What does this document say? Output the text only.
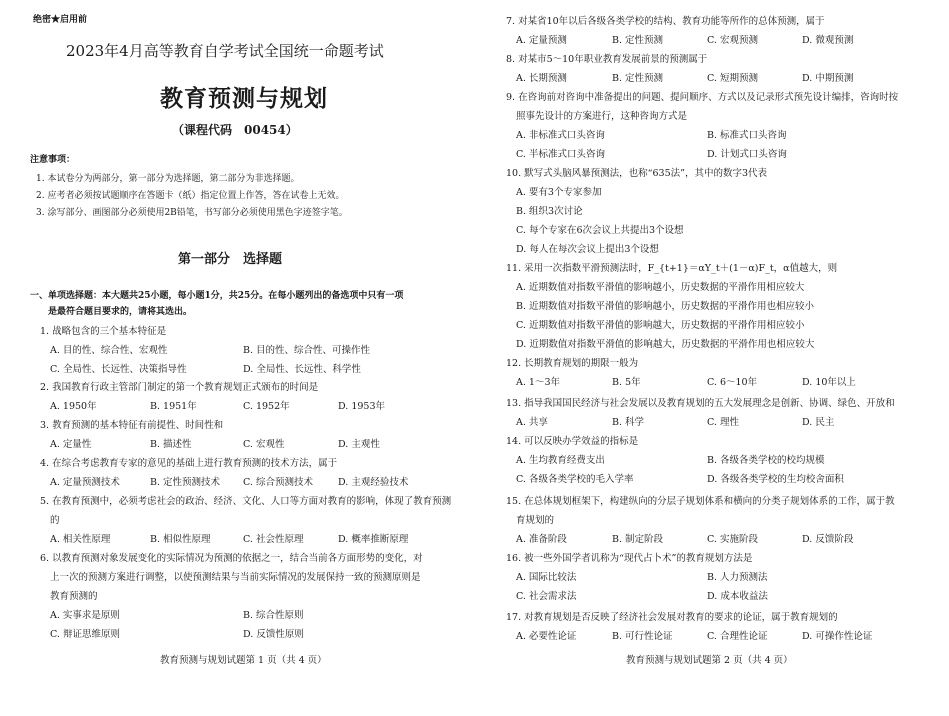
绝密★启用前
2023年4月高等教育自学考试全国统一命题考试
教育预测与规划
（课程代码　00454）
注意事项：
1. 本试卷分为两部分，第一部分为选择题，第二部分为非选择题。
2. 应考者必须按试题顺序在答题卡（纸）指定位置上作答，答在试卷上无效。
3. 涂写部分、画图部分必须使用2B铅笔，书写部分必须使用黑色字迹签字笔。
第一部分　选择题
一、单项选择题：本大题共25小题，每小题1分，共25分。在每小题列出的备选项中只有一项
是最符合题目要求的，请将其选出。
1. 战略包含的三个基本特征是
A. 目的性、综合性、宏观性	B. 目的性、综合性、可操作性
C. 全局性、长远性、决策指导性	D. 全局性、长远性、科学性
2. 我国教育行政主管部门制定的第一个教育规划正式颁布的时间是
A. 1950年	B. 1951年	C. 1952年	D. 1953年
3. 教育预测的基本特征有前提性、时间性和
A. 定量性	B. 描述性	C. 宏观性	D. 主观性
4. 在综合考虑教育专家的意见的基础上进行教育预测的技术方法，属于
A. 定量预测技术	B. 定性预测技术 C. 综合预测技术	D. 主观经验技术
5. 在教育预测中，必须考虑社会的政治、经济、文化、人口等方面对教育的影响，体现了教育预测
的
A. 相关性原理	B. 相似性原理	C. 社会性原理	D. 概率推断原理
6. 以教育预测对象发展变化的实际情况为预测的依据之一，结合当前各方面形势的变化，对
上一次的预测方案进行调整，以使预测结果与当前实际情况的发展保持一致的预测原则是
教育预测的
A. 实事求是原则	B. 综合性原则
C. 辩证思维原则	D. 反馈性原则
教育预测与规划试题第 1 页（共 4 页）
7. 对某省10年以后各级各类学校的结构、教育功能等所作的总体预测，属于
A. 定量预测	B. 定性预测	C. 宏观预测	D. 微观预测
8. 对某市5～10年职业教育发展前景的预测属于
A. 长期预测	B. 定性预测	C. 短期预测	D. 中期预测
9. 在咨询前对咨询中准备提出的问题、提问顺序、方式以及记录形式预先设计编排，咨询时按
照事先设计的方案进行，这种咨询方式是
A. 非标准式口头咨询	B. 标准式口头咨询
C. 半标准式口头咨询	D. 计划式口头咨询
10. 默写式头脑风暴预测法，也称“635法”，其中的数字3代表
A. 要有3个专家参加
B. 组织3次讨论
C. 每个专家在6次会议上共提出3个设想
D. 每人在每次会议上提出3个设想
11. 采用一次指数平滑预测法时，F_{t+1}＝αY_t＋(1－α)F_t，α值越大，则
A. 近期数值对指数平滑值的影响越小，历史数据的平滑作用相应较大
B. 近期数值对指数平滑值的影响越小，历史数据的平滑作用也相应较小
C. 近期数值对指数平滑值的影响越大，历史数据的平滑作用相应较小
D. 近期数值对指数平滑值的影响越大，历史数据的平滑作用也相应较大
12. 长期教育规划的期限一般为
A. 1～3年	B. 5年	C. 6～10年	D. 10年以上
13. 指导我国国民经济与社会发展以及教育规划的五大发展理念是创新、协调、绿色、开放和
A. 共享	B. 科学	C. 理性	D. 民主
14. 可以反映办学效益的指标是
A. 生均教育经费支出	B. 各级各类学校的校均规模
C. 各级各类学校的毛入学率	D. 各级各类学校的生均校舍面积
15. 在总体规划框架下，构建纵向的分层子规划体系和横向的分类子规划体系的工作，属于教
育规划的
A. 准备阶段	B. 制定阶段	C. 实施阶段	D. 反馈阶段
16. 被一些外国学者讥称为“现代占卜术”的教育规划方法是
A. 国际比较法	B. 人力预测法
C. 社会需求法	D. 成本收益法
17. 对教育规划是否反映了经济社会发展对教育的要求的论证，属于教育规划的
A. 必要性论证	B. 可行性论证	C. 合理性论证	D. 可操作性论证
教育预测与规划试题第 2 页（共 4 页）
